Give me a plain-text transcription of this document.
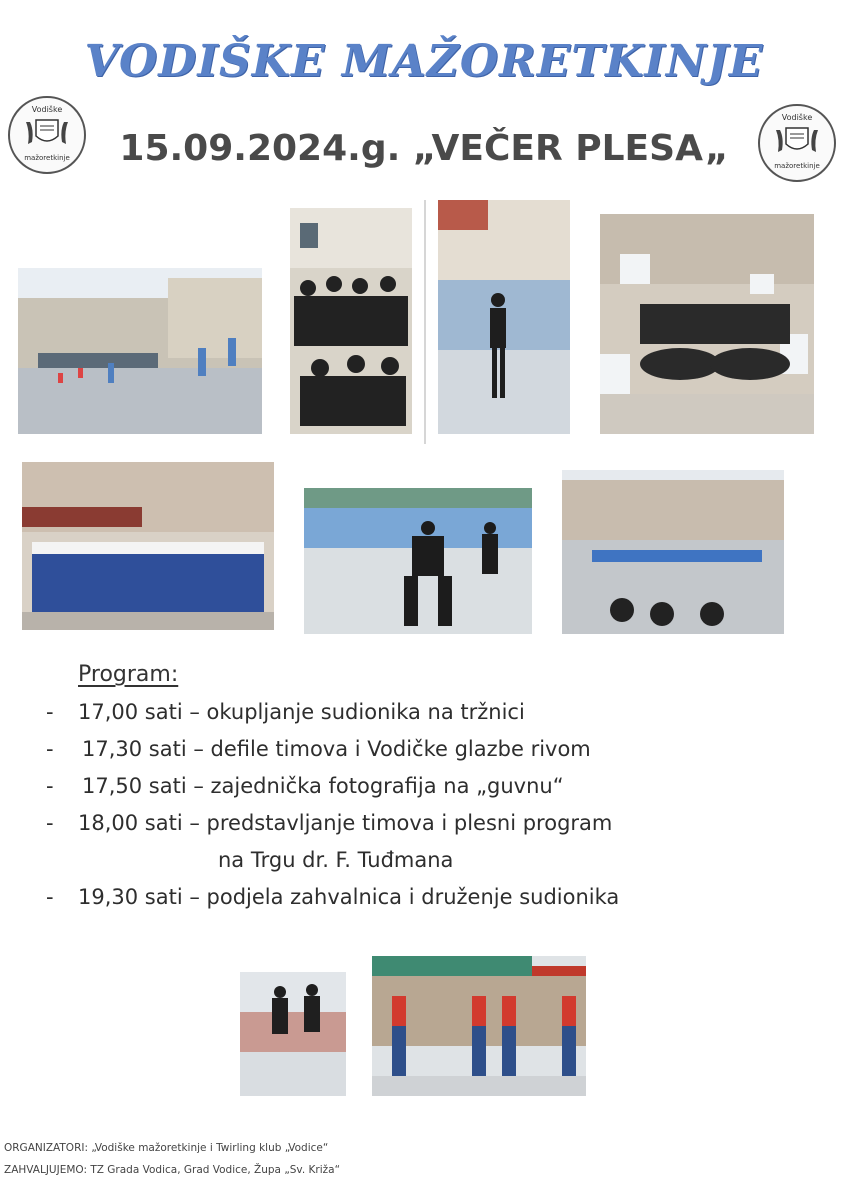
VODIŠKE MAŽORETKINJE
Vodiške
mažoretkinje
Vodiške
mažoretkinje
15.09.2024.g. „VEČER PLESA„
Program:
- 17,00 sati – okupljanje sudionika na tržnici
- 17,30 sati – defile timova i Vodičke glazbe rivom
- 17,50 sati – zajednička fotografija na „guvnu“
- 18,00 sati – predstavljanje timova i plesni program
na Trgu dr. F. Tuđmana
- 19,30 sati – podjela zahvalnica i druženje sudionika
ORGANIZATORI: „Vodiške mažoretkinje i Twirling klub „Vodice“
ZAHVALJUJEMO: TZ Grada Vodica, Grad Vodice, Župa „Sv. Križa“
